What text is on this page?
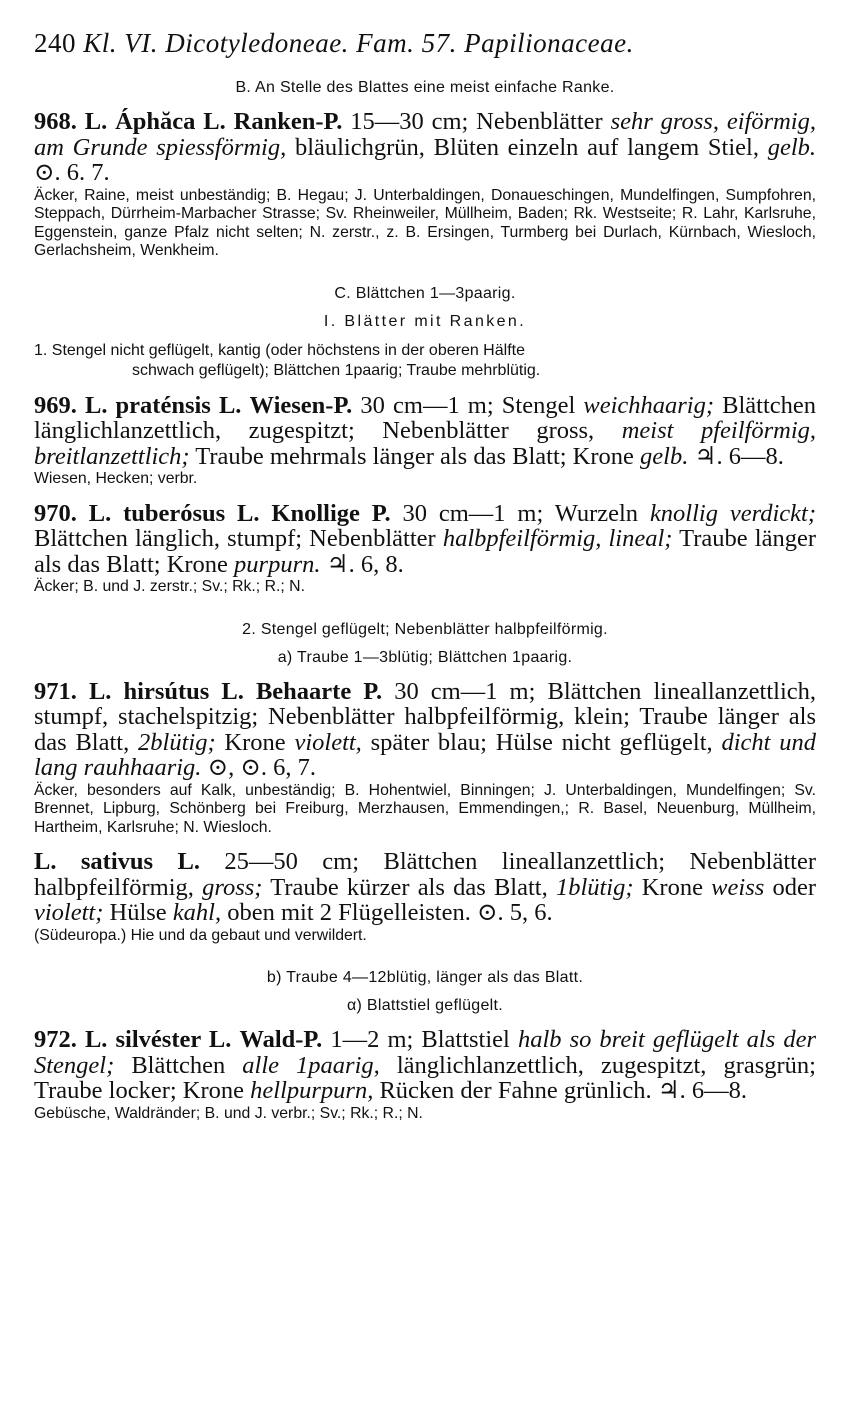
240 Kl. VI. Dicotyledoneae. Fam. 57. Papilionaceae.
B. An Stelle des Blattes eine meist einfache Ranke.
968. L. Áphăca L. Ranken-P. 15—30 cm; Nebenblätter sehr gross, eiförmig, am Grunde spiessförmig, bläulichgrün, Blüten einzeln auf langem Stiel, gelb. ⊙. 6. 7.
Äcker, Raine, meist unbeständig; B. Hegau; J. Unterbaldingen, Donaueschingen, Mundelfingen, Sumpfohren, Steppach, Dürrheim-Marbacher Strasse; Sv. Rheinweiler, Müllheim, Baden; Rk. Westseite; R. Lahr, Karlsruhe, Eggenstein, ganze Pfalz nicht selten; N. zerstr., z. B. Ersingen, Turmberg bei Durlach, Kürnbach, Wiesloch, Gerlachsheim, Wenkheim.
C. Blättchen 1—3paarig.
I. Blätter mit Ranken.
1. Stengel nicht geflügelt, kantig (oder höchstens in der oberen Hälfte
schwach geflügelt); Blättchen 1paarig; Traube mehrblütig.
969. L. praténsis L. Wiesen-P. 30 cm—1 m; Stengel weichhaarig; Blättchen länglichlanzettlich, zugespitzt; Nebenblätter gross, meist pfeilförmig, breitlanzettlich; Traube mehrmals länger als das Blatt; Krone gelb. ♃. 6—8.
Wiesen, Hecken; verbr.
970. L. tuberósus L. Knollige P. 30 cm—1 m; Wurzeln knollig verdickt; Blättchen länglich, stumpf; Nebenblätter halbpfeilförmig, lineal; Traube länger als das Blatt; Krone purpurn. ♃. 6, 8.
Äcker; B. und J. zerstr.; Sv.; Rk.; R.; N.
2. Stengel geflügelt; Nebenblätter halbpfeilförmig.
a) Traube 1—3blütig; Blättchen 1paarig.
971. L. hirsútus L. Behaarte P. 30 cm—1 m; Blättchen lineallanzettlich, stumpf, stachelspitzig; Nebenblätter halbpfeilförmig, klein; Traube länger als das Blatt, 2blütig; Krone violett, später blau; Hülse nicht geflügelt, dicht und lang rauhhaarig. ⊙, ⊙. 6, 7.
Äcker, besonders auf Kalk, unbeständig; B. Hohentwiel, Binningen; J. Unterbaldingen, Mundelfingen; Sv. Brennet, Lipburg, Schönberg bei Freiburg, Merzhausen, Emmendingen,; R. Basel, Neuenburg, Müllheim, Hartheim, Karlsruhe; N. Wiesloch.
L. sativus L. 25—50 cm; Blättchen lineallanzettlich; Nebenblätter halbpfeilförmig, gross; Traube kürzer als das Blatt, 1blütig; Krone weiss oder violett; Hülse kahl, oben mit 2 Flügelleisten. ⊙. 5, 6.
(Südeuropa.) Hie und da gebaut und verwildert.
b) Traube 4—12blütig, länger als das Blatt.
α) Blattstiel geflügelt.
972. L. silvéster L. Wald-P. 1—2 m; Blattstiel halb so breit geflügelt als der Stengel; Blättchen alle 1paarig, länglichlanzettlich, zugespitzt, grasgrün; Traube locker; Krone hellpurpurn, Rücken der Fahne grünlich. ♃. 6—8.
Gebüsche, Waldränder; B. und J. verbr.; Sv.; Rk.; R.; N.
